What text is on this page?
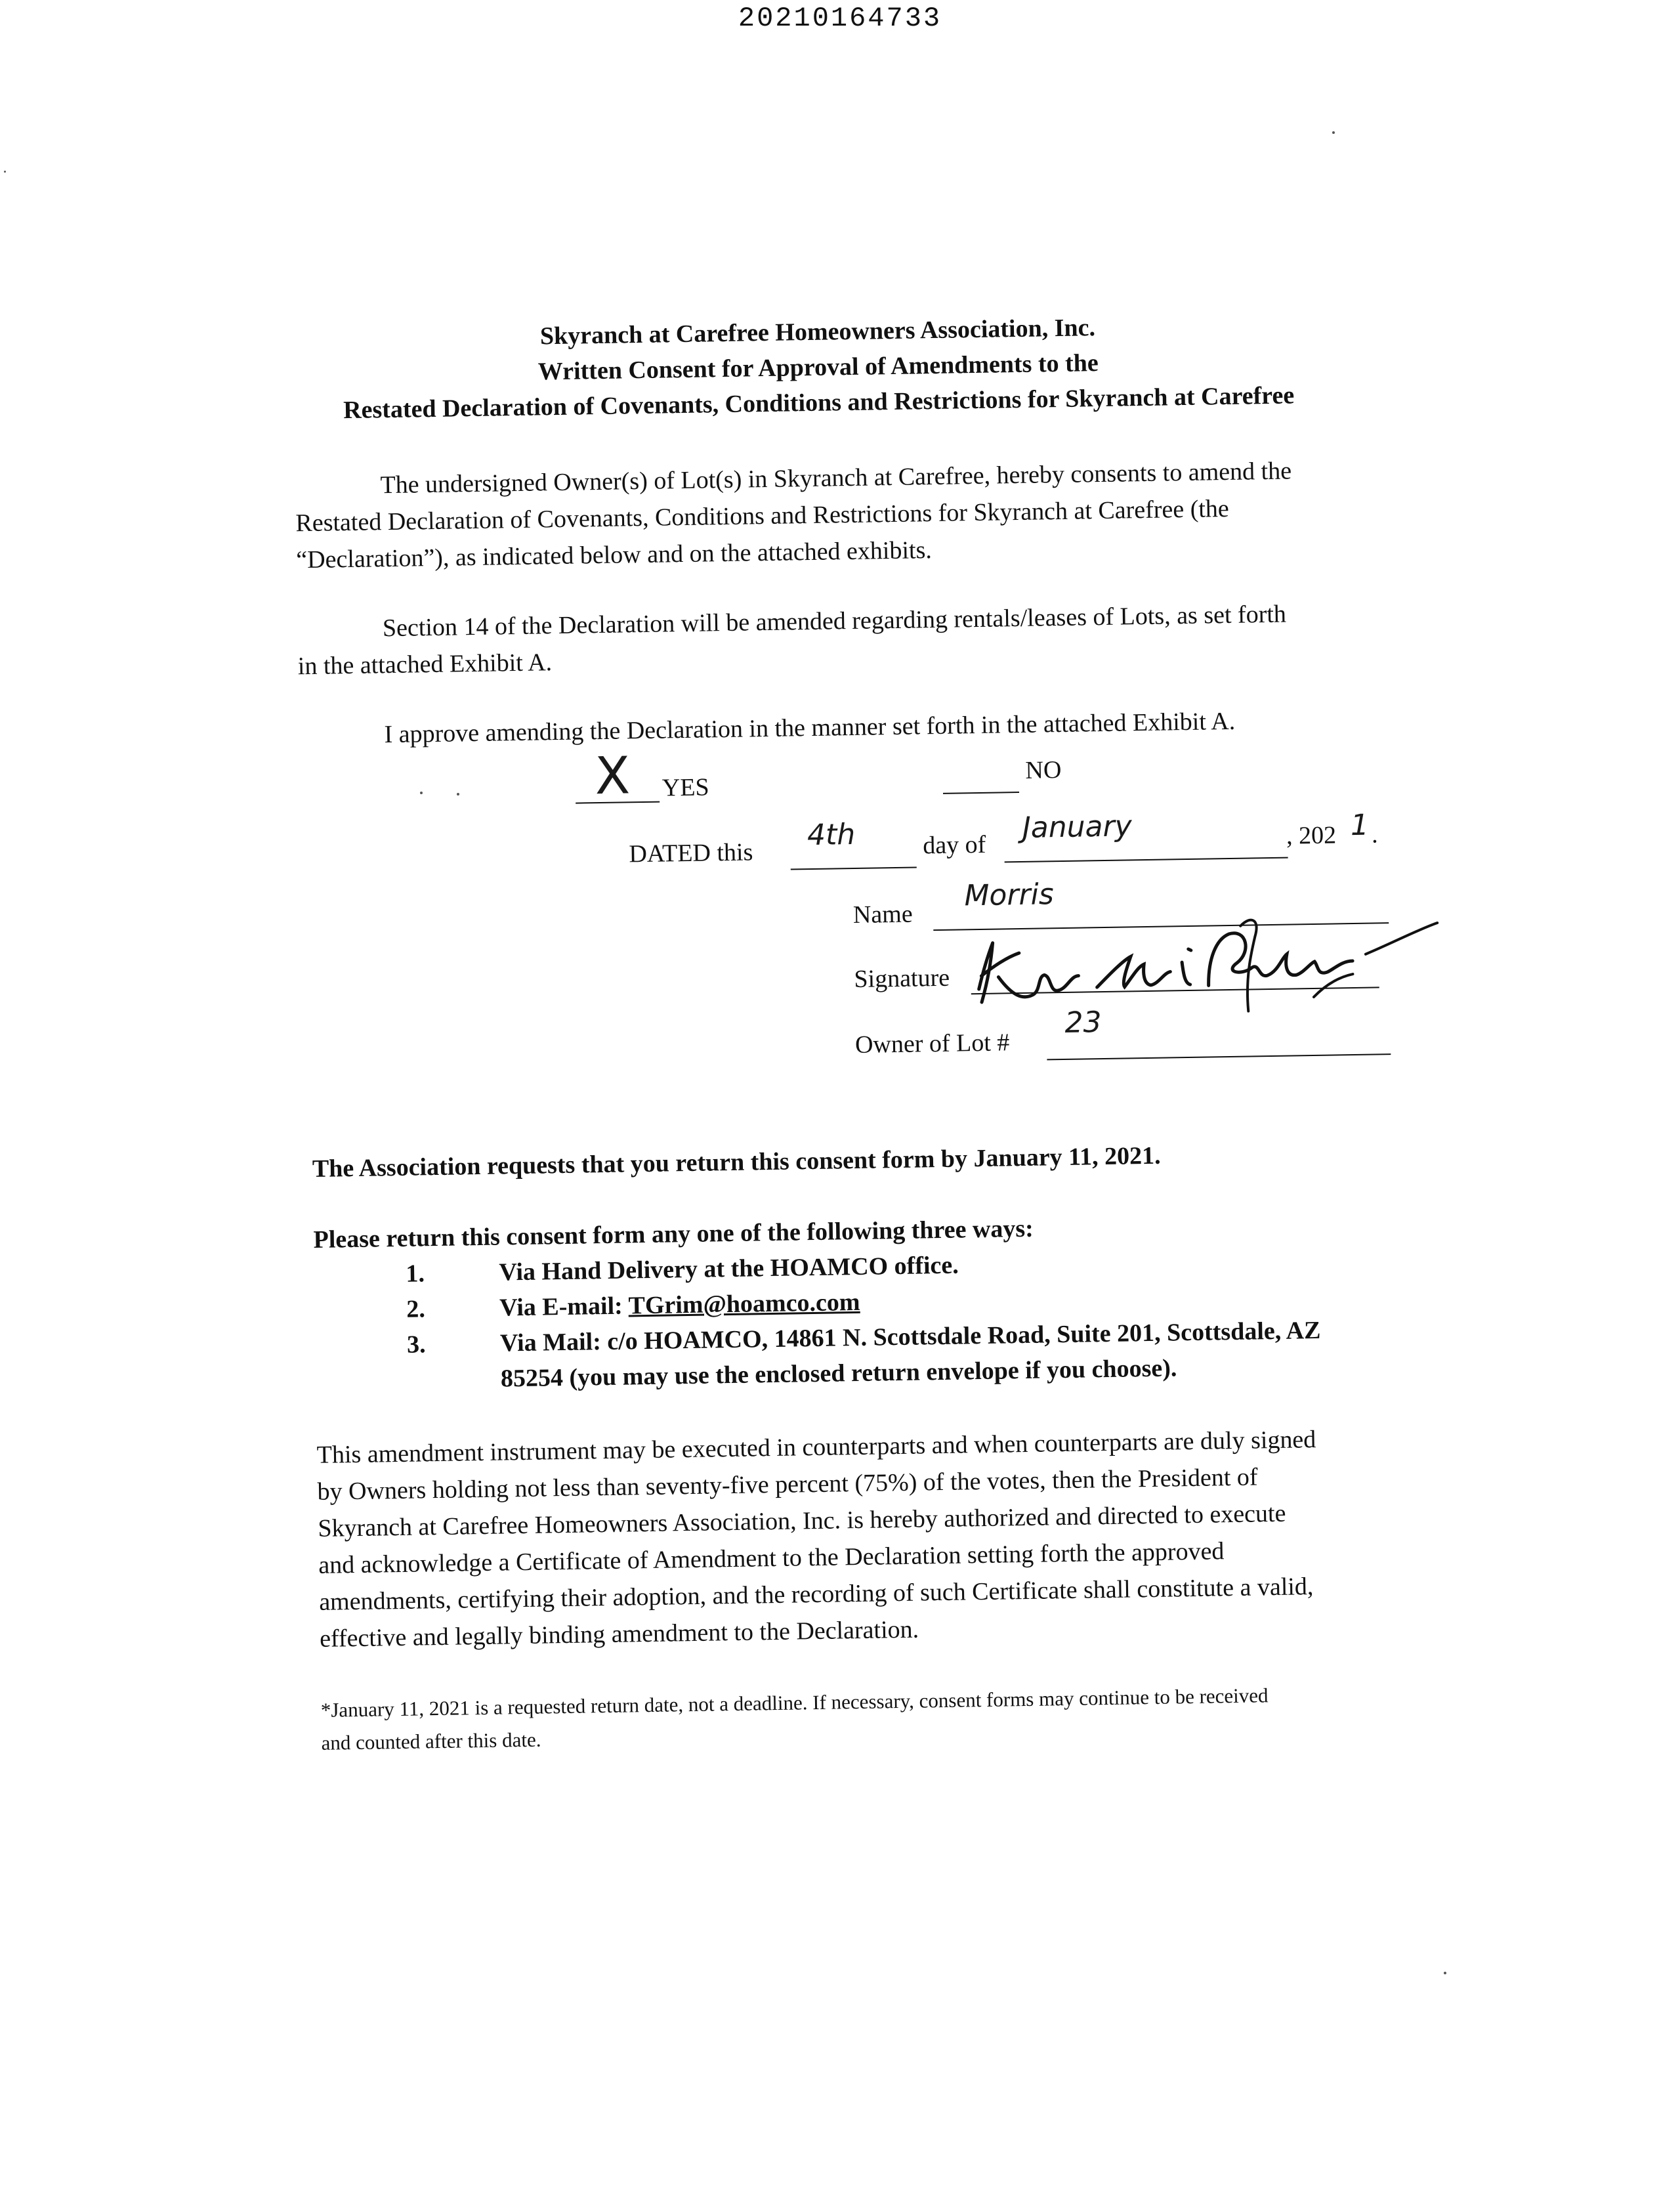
20210164733
Skyranch at Carefree Homeowners Association, Inc.
Written Consent for Approval of Amendments to the
Restated Declaration of Covenants, Conditions and Restrictions for Skyranch at Carefree
The undersigned Owner(s) of Lot(s) in Skyranch at Carefree, hereby consents to amend the
Restated Declaration of Covenants, Conditions and Restrictions for Skyranch at Carefree (the
“Declaration”), as indicated below and on the attached exhibits.
Section 14 of the Declaration will be amended regarding rentals/leases of Lots, as set forth
in the attached Exhibit A.
I approve amending the Declaration in the manner set forth in the attached Exhibit A.
X YES
NO
DATED this
4th	day of
January	, 202 1 .
Name
Morris
Signature
Owner of Lot #
23
The Association requests that you return this consent form by January 11, 2021.
Please return this consent form any one of the following three ways:
1.	Via Hand Delivery at the HOAMCO office.
2.	Via E-mail: TGrim@hoamco.com
3.	Via Mail: c/o HOAMCO, 14861 N. Scottsdale Road, Suite 201, Scottsdale, AZ
85254 (you may use the enclosed return envelope if you choose).
This amendment instrument may be executed in counterparts and when counterparts are duly signed
by Owners holding not less than seventy-five percent (75%) of the votes, then the President of
Skyranch at Carefree Homeowners Association, Inc. is hereby authorized and directed to execute
and acknowledge a Certificate of Amendment to the Declaration setting forth the approved
amendments, certifying their adoption, and the recording of such Certificate shall constitute a valid,
effective and legally binding amendment to the Declaration.
*January 11, 2021 is a requested return date, not a deadline. If necessary, consent forms may continue to be received
and counted after this date.
